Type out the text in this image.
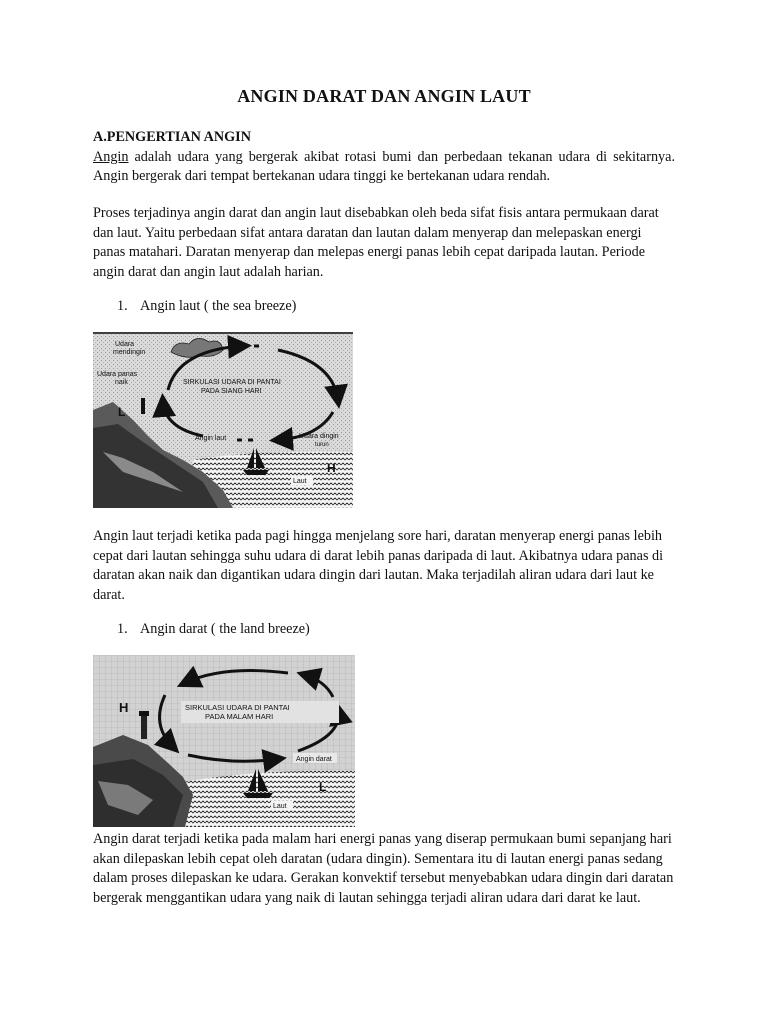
ANGIN DARAT DAN ANGIN LAUT
A.PENGERTIAN ANGIN
Angin adalah udara yang bergerak akibat rotasi bumi dan perbedaan tekanan udara di sekitarnya. Angin bergerak dari tempat bertekanan udara tinggi ke bertekanan udara rendah.
Proses terjadinya angin darat dan angin laut disebabkan oleh beda sifat fisis antara permukaan darat dan laut. Yaitu perbedaan sifat antara daratan dan lautan dalam menyerap dan melepaskan energi panas matahari. Daratan menyerap dan melepas energi panas lebih cepat daripada lautan. Periode angin darat dan angin laut adalah harian.
1. Angin laut ( the sea breeze)
Udara
mendingin
Udara panas
naik	SIRKULASI UDARA DI PANTAI
PADA SIANG HARI
L
Angin laut	Udara dingin
turun
H
Laut
Angin laut terjadi ketika pada pagi hingga menjelang sore hari, daratan menyerap energi panas lebih cepat dari lautan sehingga suhu udara di darat lebih panas daripada di laut. Akibatnya udara panas di daratan akan naik dan digantikan udara dingin dari lautan. Maka terjadilah aliran udara dari laut ke darat.
1. Angin darat ( the land breeze)
SIRKULASI UDARA DI PANTAI
PADA MALAM HARI
H
Angin darat
L
Laut
Angin darat terjadi ketika pada malam hari energi panas yang diserap permukaan bumi sepanjang hari akan dilepaskan lebih cepat oleh daratan (udara dingin). Sementara itu di lautan energi panas sedang dalam proses dilepaskan ke udara. Gerakan konvektif tersebut menyebabkan udara dingin dari daratan bergerak menggantikan udara yang naik di lautan sehingga terjadi aliran udara dari darat ke laut.
